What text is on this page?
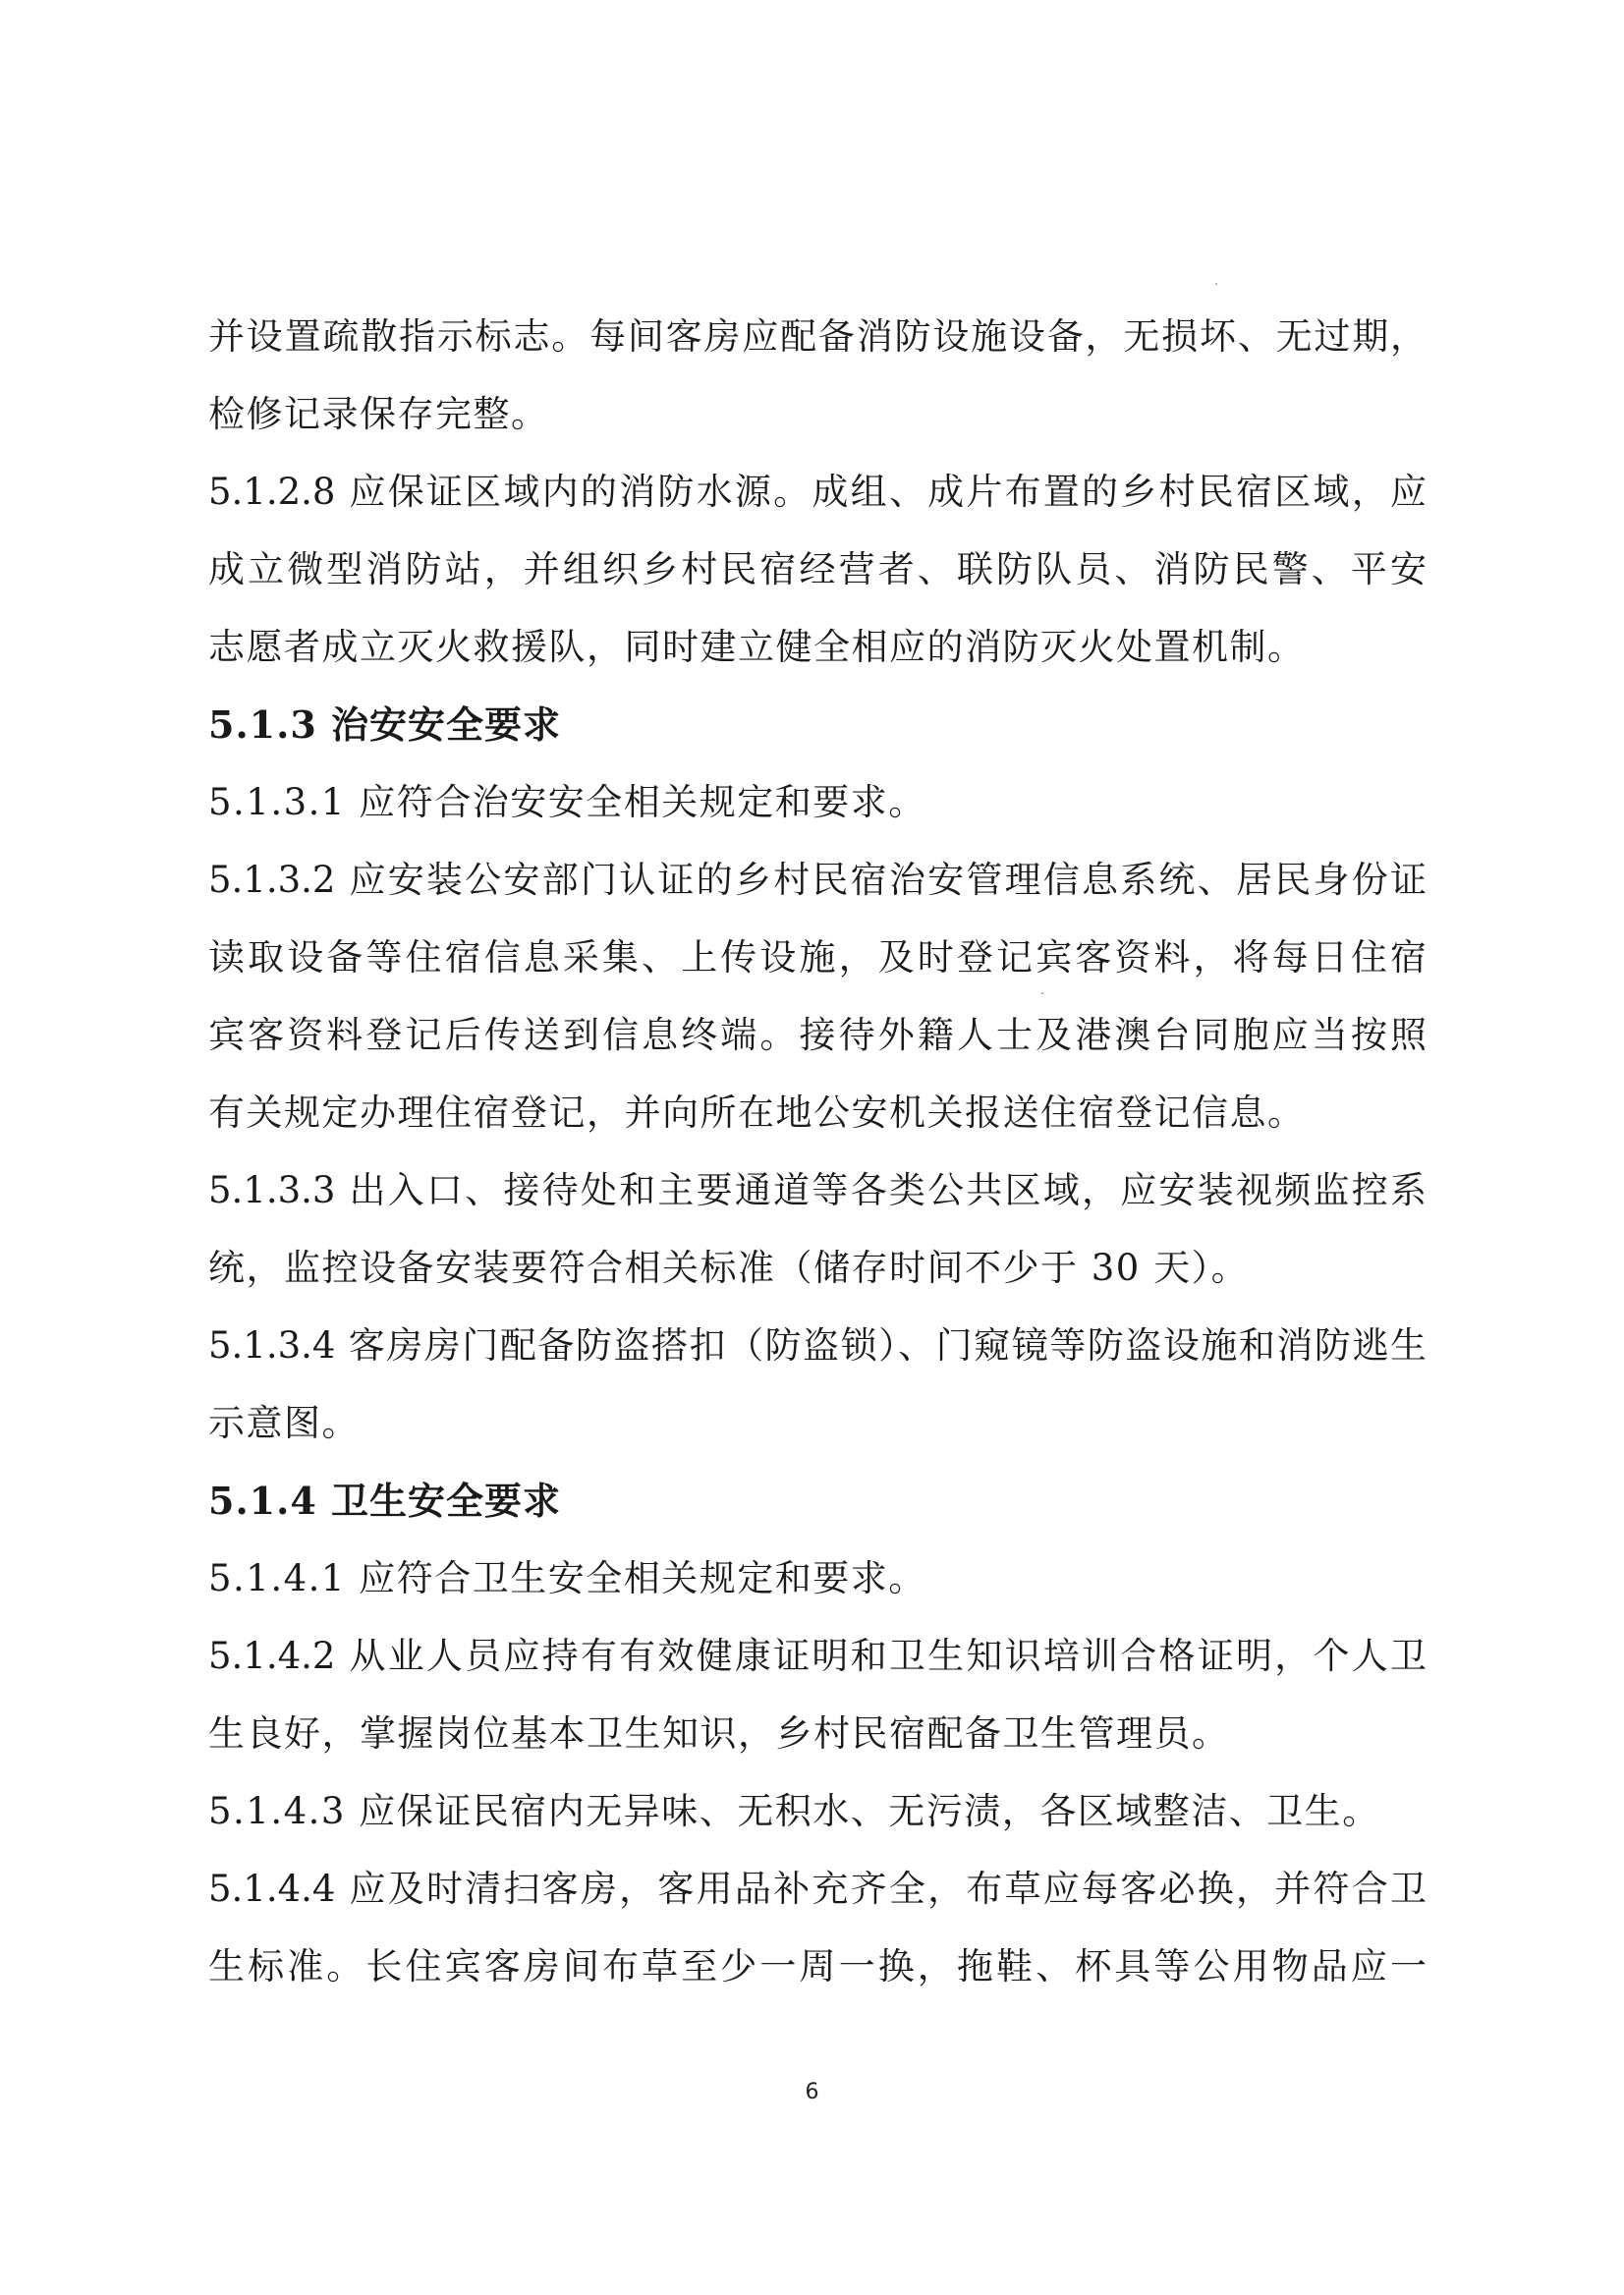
并设置疏散指示标志。每间客房应配备消防设施设备，无损坏、无过期，
检修记录保存完整。
5.1.2.8 应保证区域内的消防水源。成组、成片布置的乡村民宿区域，应
成立微型消防站，并组织乡村民宿经营者、联防队员、消防民警、平安
志愿者成立灭火救援队，同时建立健全相应的消防灭火处置机制。
5.1.3 治安安全要求
5.1.3.1 应符合治安安全相关规定和要求。
5.1.3.2 应安装公安部门认证的乡村民宿治安管理信息系统、居民身份证
读取设备等住宿信息采集、上传设施，及时登记宾客资料，将每日住宿
宾客资料登记后传送到信息终端。接待外籍人士及港澳台同胞应当按照
有关规定办理住宿登记，并向所在地公安机关报送住宿登记信息。
5.1.3.3 出入口、接待处和主要通道等各类公共区域，应安装视频监控系
统，监控设备安装要符合相关标准（储存时间不少于 30 天）。
5.1.3.4 客房房门配备防盗搭扣（防盗锁）、门窥镜等防盗设施和消防逃生
示意图。
5.1.4 卫生安全要求
5.1.4.1 应符合卫生安全相关规定和要求。
5.1.4.2 从业人员应持有有效健康证明和卫生知识培训合格证明，个人卫
生良好，掌握岗位基本卫生知识，乡村民宿配备卫生管理员。
5.1.4.3 应保证民宿内无异味、无积水、无污渍，各区域整洁、卫生。
5.1.4.4 应及时清扫客房，客用品补充齐全，布草应每客必换，并符合卫
生标准。长住宾客房间布草至少一周一换，拖鞋、杯具等公用物品应一
6
